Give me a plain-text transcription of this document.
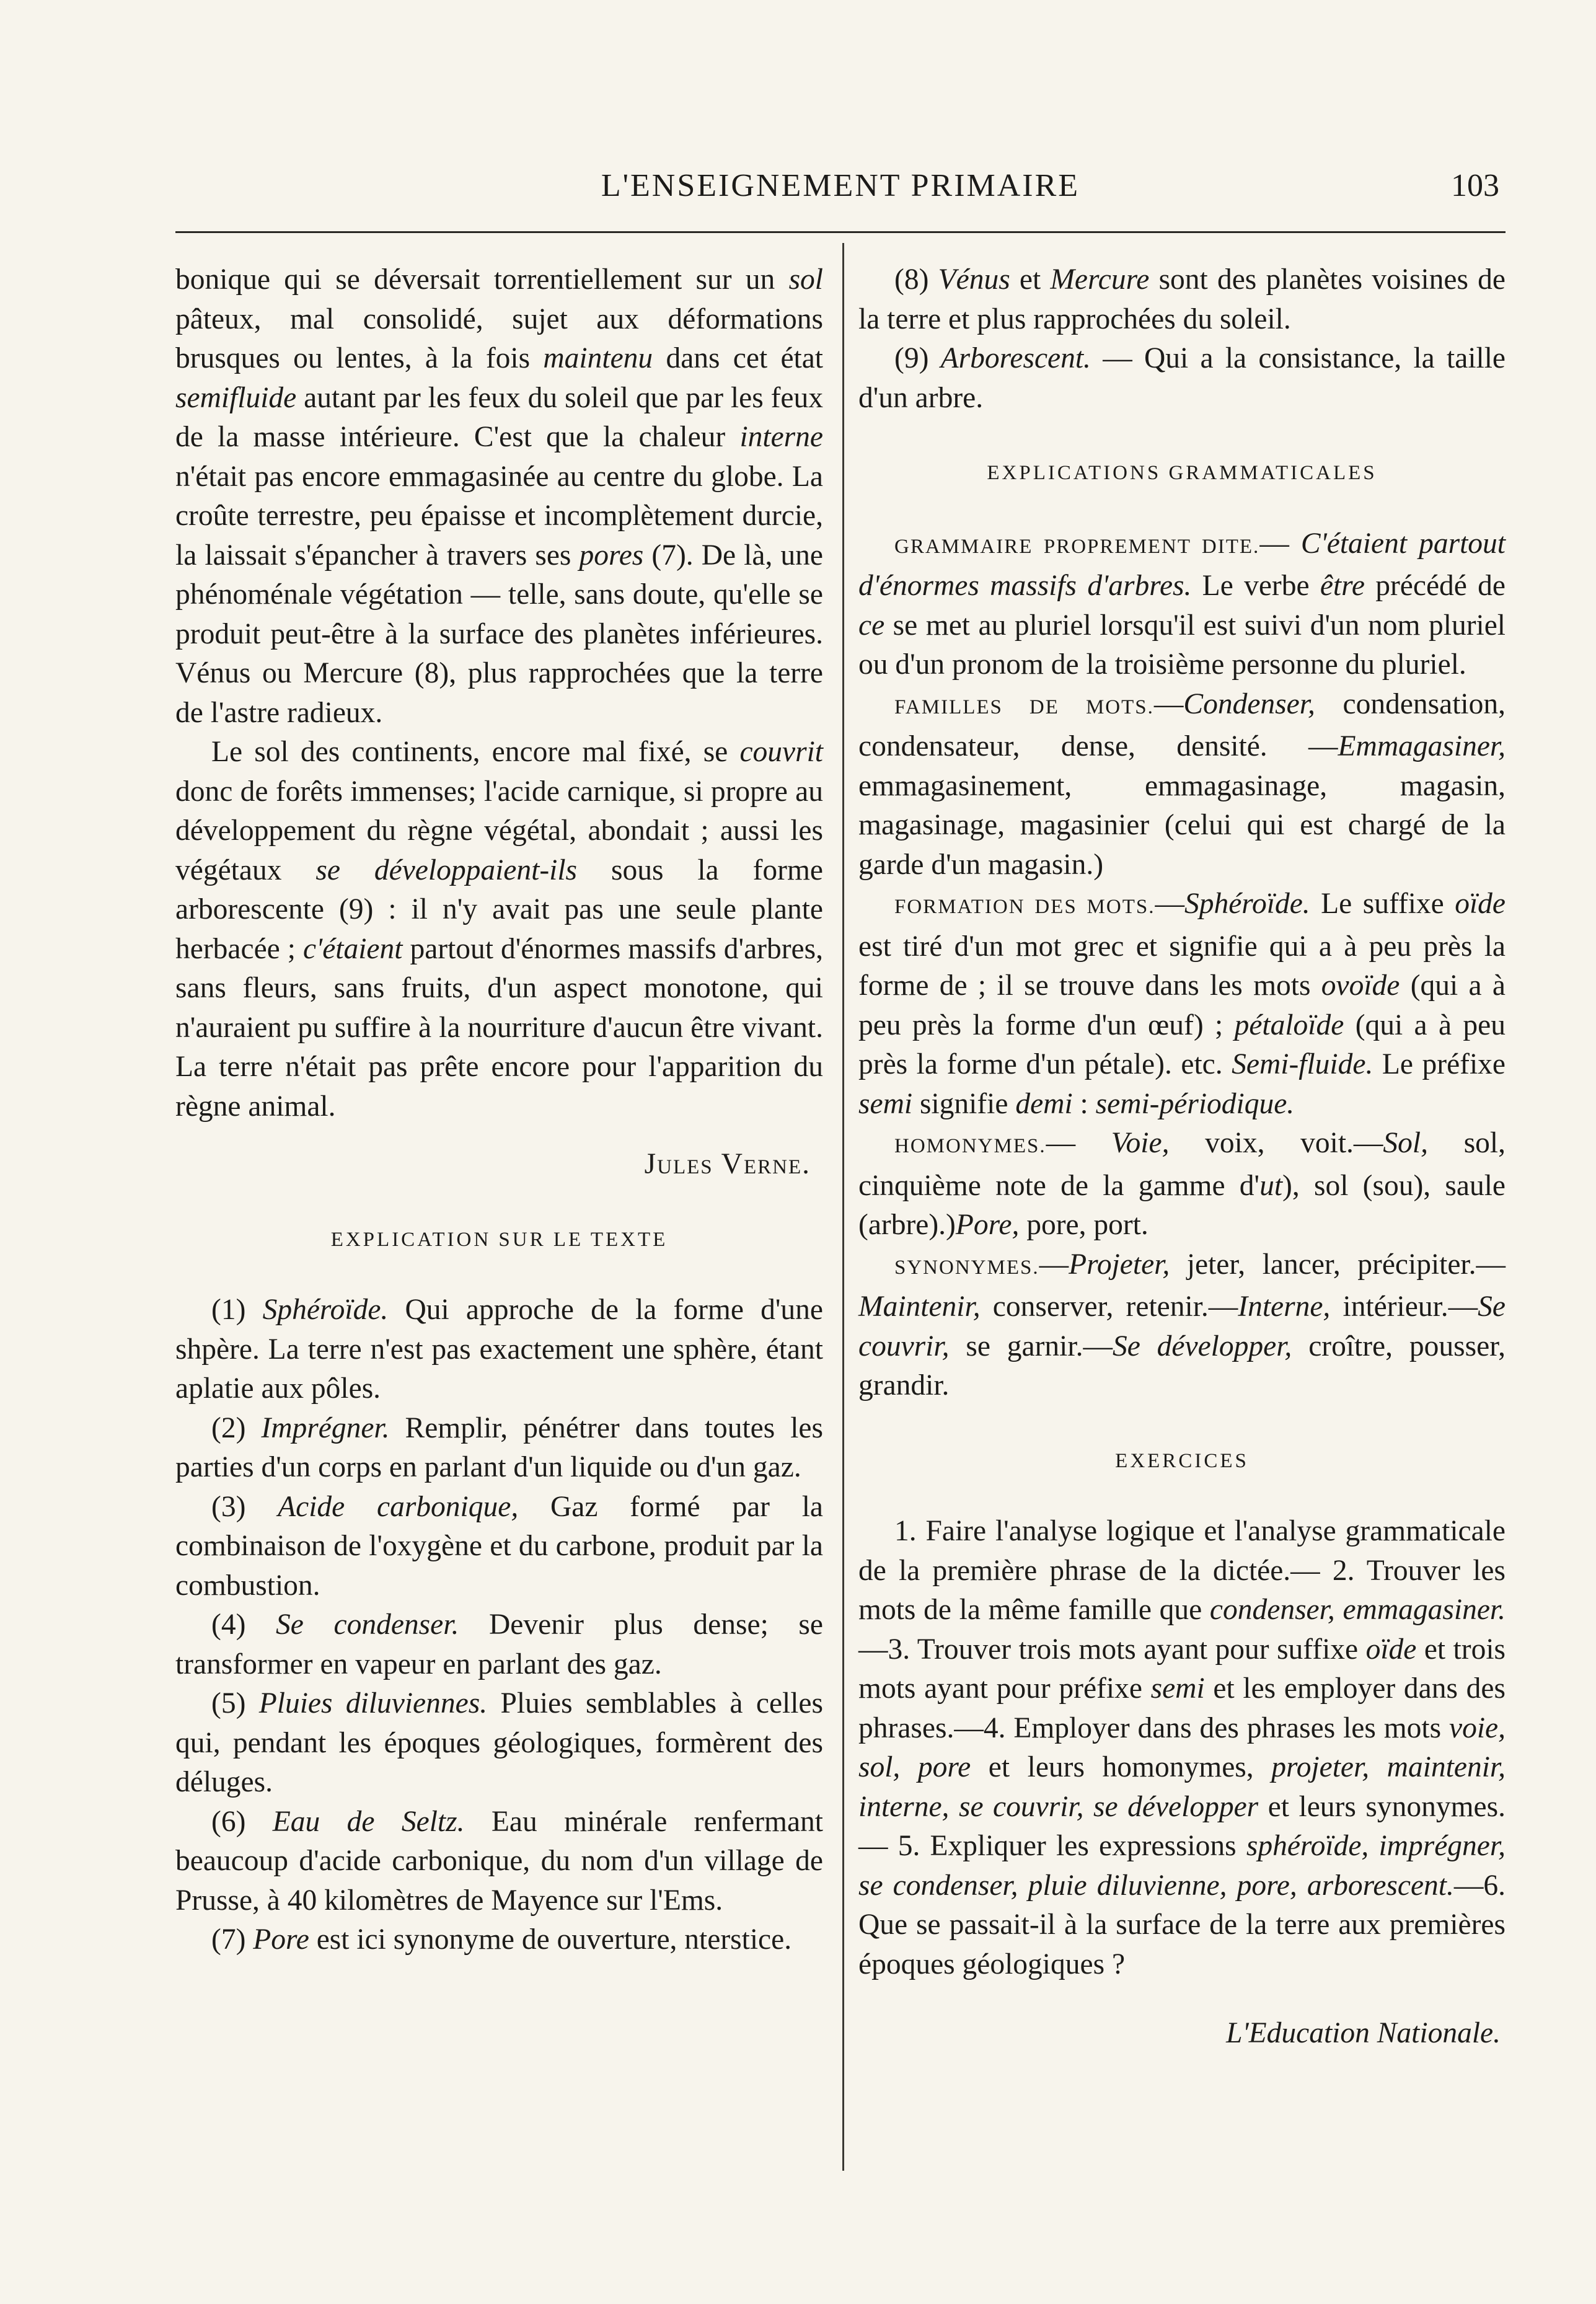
L'ENSEIGNEMENT PRIMAIRE	103

bonique qui se déversait torrentiellement sur un sol pâteux, mal consolidé, sujet aux déformations brusques ou lentes, à la fois maintenu dans cet état semifluide autant par les feux du soleil que par les feux de la masse intérieure. C'est que la chaleur interne n'était pas encore emmagasinée au centre du globe. La croûte terrestre, peu épaisse et incomplètement durcie, la laissait s'épancher à travers ses pores (7). De là, une phénoménale végétation — telle, sans doute, qu'elle se produit peut-être à la surface des planètes inférieures. Vénus ou Mercure (8), plus rapprochées que la terre de l'astre radieux.

Le sol des continents, encore mal fixé, se couvrit donc de forêts immenses; l'acide carnique, si propre au développement du règne végétal, abondait ; aussi les végétaux se développaient-ils sous la forme arborescente (9) : il n'y avait pas une seule plante herbacée ; c'étaient partout d'énormes massifs d'arbres, sans fleurs, sans fruits, d'un aspect monotone, qui n'auraient pu suffire à la nourriture d'aucun être vivant. La terre n'était pas prête encore pour l'apparition du règne animal.

Jules Verne.
EXPLICATION SUR LE TEXTE

(1) Sphéroïde. Qui approche de la forme d'une shpère. La terre n'est pas exactement une sphère, étant aplatie aux pôles.

(2) Imprégner. Remplir, pénétrer dans toutes les parties d'un corps en parlant d'un liquide ou d'un gaz.

(3) Acide carbonique, Gaz formé par la combinaison de l'oxygène et du carbone, produit par la combustion.

(4) Se condenser. Devenir plus dense; se transformer en vapeur en parlant des gaz.

(5) Pluies diluviennes. Pluies semblables à celles qui, pendant les époques géologiques, formèrent des déluges.

(6) Eau de Seltz. Eau minérale renfermant beaucoup d'acide carbonique, du nom d'un village de Prusse, à 40 kilomètres de Mayence sur l'Ems.

(7) Pore est ici synonyme de ouverture, nterstice.

(8) Vénus et Mercure sont des planètes voisines de la terre et plus rapprochées du soleil.

(9) Arborescent. — Qui a la consistance, la taille d'un arbre.

EXPLICATIONS GRAMMATICALES

GRAMMAIRE PROPREMENT DITE.— C'étaient partout d'énormes massifs d'arbres. Le verbe être précédé de ce se met au pluriel lorsqu'il est suivi d'un nom pluriel ou d'un pronom de la troisième personne du pluriel.

FAMILLES DE MOTS.—Condenser, condensation, condensateur, dense, densité. —Emmagasiner, emmagasinement, emmagasinage, magasin, magasinage, magasinier (celui qui est chargé de la garde d'un magasin.)

FORMATION DES MOTS.—Sphéroïde. Le suffixe oïde est tiré d'un mot grec et signifie qui a à peu près la forme de ; il se trouve dans les mots ovoïde (qui a à peu près la forme d'un œuf) ; pétaloïde (qui a à peu près la forme d'un pétale). etc. Semi-fluide. Le préfixe semi signifie demi : semi-périodique.

HOMONYMES.— Voie, voix, voit.—Sol, sol, cinquième note de la gamme d'ut), sol (sou), saule (arbre).)Pore, pore, port.

SYNONYMES.—Projeter, jeter, lancer, précipiter.—Maintenir, conserver, retenir.—Interne, intérieur.—Se couvrir, se garnir.—Se développer, croître, pousser, grandir.

EXERCICES

1. Faire l'analyse logique et l'analyse grammaticale de la première phrase de la dictée.— 2. Trouver les mots de la même famille que condenser, emmagasiner.—3. Trouver trois mots ayant pour suffixe oïde et trois mots ayant pour préfixe semi et les employer dans des phrases.—4. Employer dans des phrases les mots voie, sol, pore et leurs homonymes, projeter, maintenir, interne, se couvrir, se développer et leurs synonymes. — 5. Expliquer les expressions sphéroïde, imprégner, se condenser, pluie diluvienne, pore, arborescent.—6. Que se passait-il à la surface de la terre aux premières époques géologiques ?

L'Education Nationale.
